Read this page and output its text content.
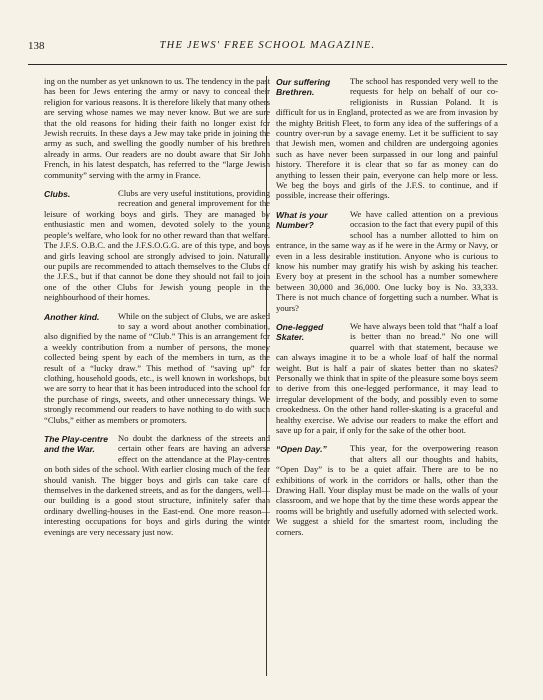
138	THE JEWS' FREE SCHOOL MAGAZINE.

ing on the number as yet unknown to us. The tendency in the past has been for Jews entering the army or navy to conceal their religion for various reasons. It is therefore likely that many others are serving whose names we may never know. But we are sure that the old reasons for hiding their faith no longer exist for Jewish recruits. In these days a Jew may take pride in joining the army as such, and swelling the goodly number of his brethren already in arms. Our readers are no doubt aware that Sir John French, in his latest despatch, has referred to the “large Jewish community” serving with the army in France.

Clubs.	Clubs are very useful institutions, providing recreation and general improvement for the leisure of working boys and girls. They are managed by enthusiastic men and women, devoted solely to the young people’s welfare, who look for no other reward than that welfare. The J.F.S. O.B.C. and the J.F.S.O.G.G. are of this type, and boys and girls leaving school are strongly advised to join. Naturally our pupils are recommended to attach themselves to the Clubs of the J.F.S., but if that cannot be done they should not fail to join one of the other Clubs for Jewish young people in the neighbourhood of their homes.

Another kind.	While on the subject of Clubs, we are asked to say a word about another combination, also dignified by the name of “Club.” This is an arrangement for a weekly contribution from a number of persons, the money collected being spent by each of the members in turn, as the result of a “lucky draw.” This method of “saving up” for clothing, household goods, etc., is well known in workshops, but we are sorry to hear that it has been introduced into the school for the purchase of rings, sweets, and other unnecessary things. We strongly recommend our readers to have nothing to do with such “Clubs,” either as members or promoters.

The Play-centre and the War.

No doubt the darkness of the streets and certain other fears are having an adverse effect on the attendance at the Play-centres on both sides of the school. With earlier closing much of the fear should vanish. The bigger boys and girls can take care of themselves in the darkened streets, and as for the dangers, well—our building is a good stout structure, infinitely safer than ordinary dwelling-houses in the East-end. One more reason—interesting occupations for boys and girls during the winter evenings are very necessary just now.

Our suffering Brethren.

The school has responded very well to the requests for help on behalf of our co-religionists in Russian Poland. It is difficult for us in England, protected as we are from invasion by the mighty British Fleet, to form any idea of the sufferings of a country over-run by a savage enemy. Let it be sufficient to say that Jewish men, women and children are undergoing agonies such as have never been surpassed in our long and painful history. Therefore it is clear that so far as money can do anything to lessen their pain, everyone can help more or less. We beg the boys and girls of the J.F.S. to continue, and if possible, increase their offerings.

What is your Number?

We have called attention on a previous occasion to the fact that every pupil of this school has a number allotted to him on entrance, in the same way as if he were in the Army or Navy, or even in a less desirable institution. Anyone who is curious to know his number may gratify his wish by asking his teacher. Every boy at present in the school has a number somewhere between 30,000 and 36,000. One lucky boy is No. 33,333. There is not much chance of forgetting such a number. What is yours?

One-legged Skater.

We have always been told that “half a loaf is better than no bread.” No one will quarrel with that statement, because we can always imagine it to be a whole loaf of half the normal weight. But is half a pair of skates better than no skates? Personally we think that in spite of the pleasure some boys seem to derive from this one-legged performance, it may lead to irregular development of the body, and possibly even to some crookedness. On the other hand roller-skating is a graceful and healthy exercise. We advise our readers to make the effort and save up for a pair, if only for the sake of the other boot.

“Open Day.”	This year, for the overpowering reason that alters all our thoughts and habits, “Open Day” is to be a quiet affair. There are to be no exhibitions of work in the corridors or halls, other than the Drawing Hall. Your display must be made on the walls of your classroom, and we hope that by the time these words appear the rooms will be brightly and usefully adorned with selected work. We suggest a shield for the smartest room, including the corners.
